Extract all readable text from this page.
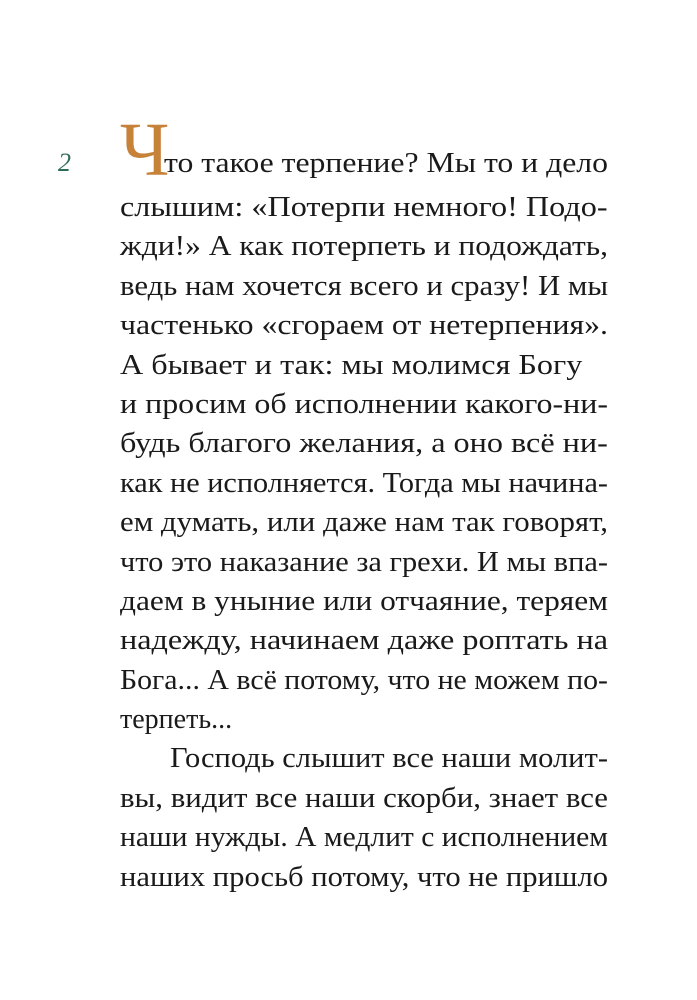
2 Ч
то такое терпение? Мы то и дело
слышим: «Потерпи немного! Подо-
жди!» А как потерпеть и подождать,
ведь нам хочется всего и сразу! И мы
частенько «сгораем от нетерпения».
А бывает и так: мы молимся Богу
и просим об исполнении какого-ни-
будь благого желания, а оно всё ни-
как не исполняется. Тогда мы начина-
ем думать, или даже нам так говорят,
что это наказание за грехи. И мы впа-
даем в уныние или отчаяние, теряем
надежду, начинаем даже роптать на
Бога... А всё потому, что не можем по-
терпеть...
Господь слышит все наши молит-
вы, видит все наши скорби, знает все
наши нужды. А медлит с исполнением
наших просьб потому, что не пришло
